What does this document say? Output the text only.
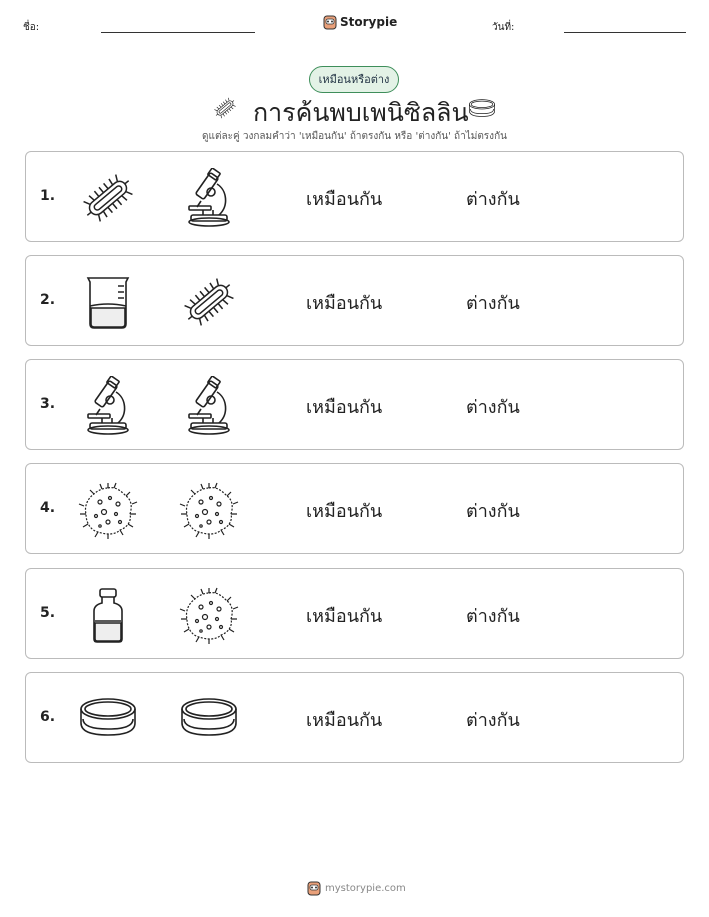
ชื่อ:	Storypie	วันที่:
เหมือนหรือต่าง
การค้นพบเพนิซิลลิน
ดูแต่ละคู่ วงกลมคำว่า 'เหมือนกัน' ถ้าตรงกัน หรือ 'ต่างกัน' ถ้าไม่ตรงกัน
1.	เหมือนกัน	ต่างกัน
2.	เหมือนกัน	ต่างกัน
3.	เหมือนกัน	ต่างกัน
4.	เหมือนกัน	ต่างกัน
5.	เหมือนกัน	ต่างกัน
6.	เหมือนกัน	ต่างกัน
mystorypie.com
